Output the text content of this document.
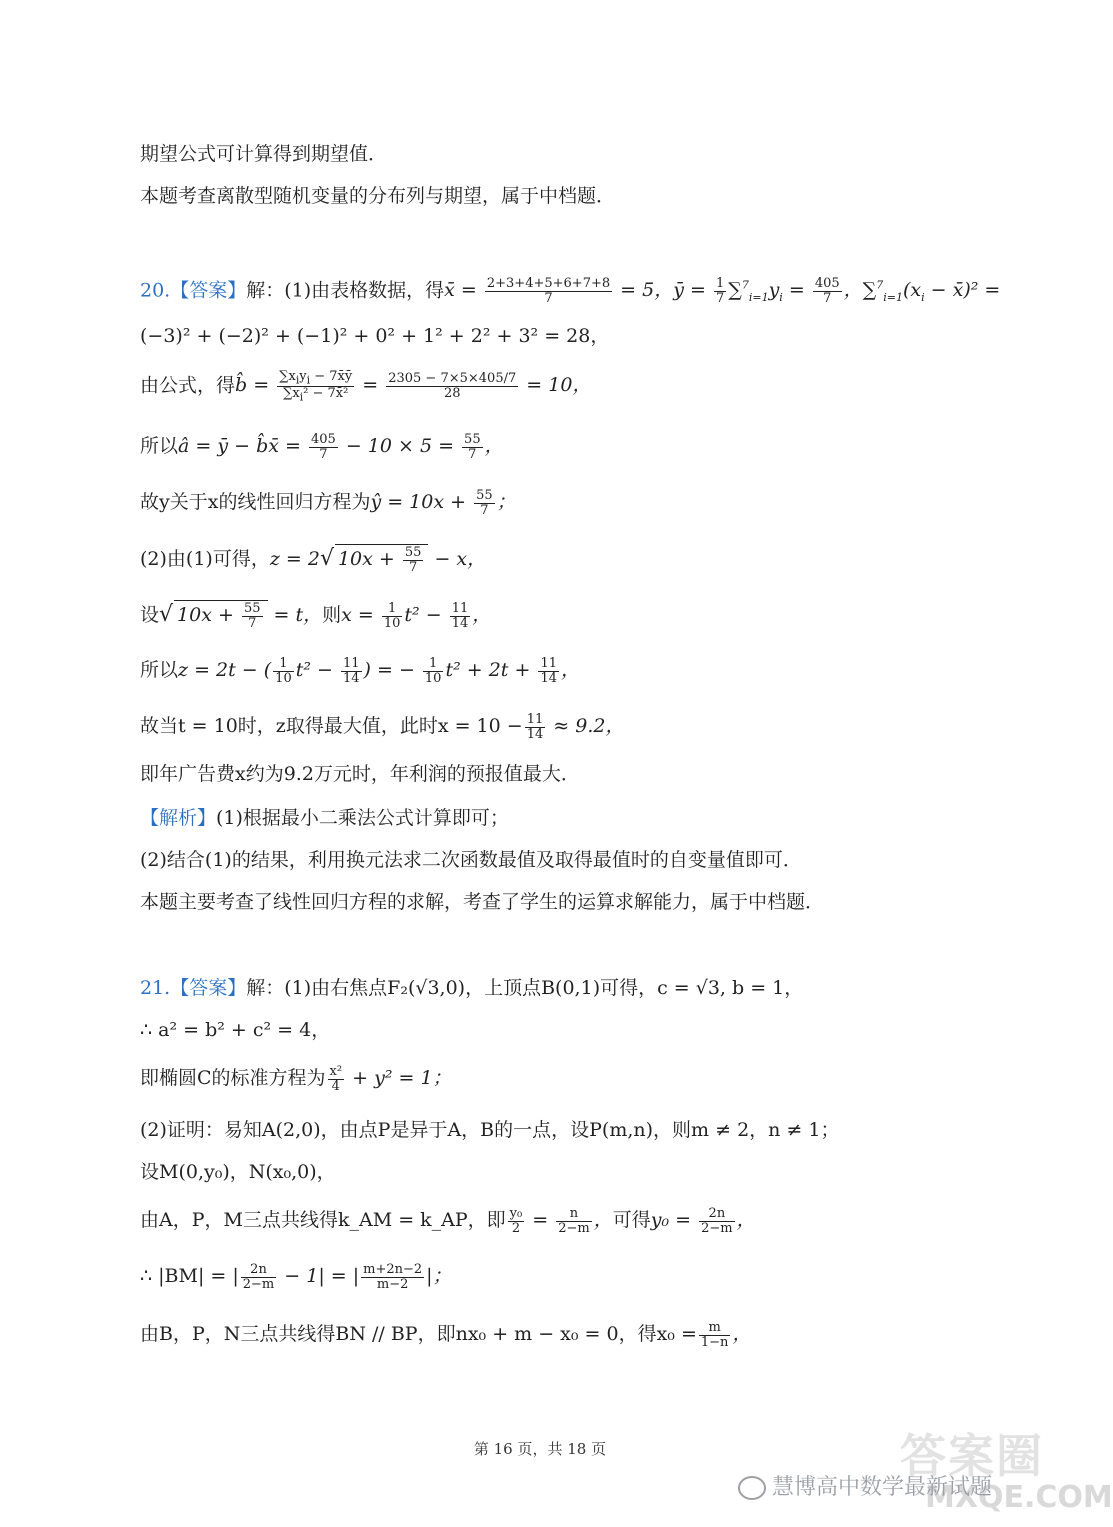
期望公式可计算得到期望值．
本题考查离散型随机变量的分布列与期望，属于中档题．
20.【答案】解：(1)由表格数据，得x̄ = $\frac{2+3+4+5+6+7+8}{7} = 5$，ȳ = $\frac{1}{7} \sum^7_{i=1}y_i = \frac{405}{7}$ ，$\sum^7_{i=1}(x_i$ − x̄)² =
(−3)² + (−2)² + (−1)² + 0² + 1² + 2² + 3² = 28，
由公式，得b̂ = $\frac{\sum x_iy_i - 7x̄ȳ}{\sum x_i^2 - 7x̄^2} = \frac{2305 - 7\times 5\times 405/7}{28} = 10$，
所以â = ȳ − b̂x̄ = $\frac{405}{7} - 10 \times 5 = \frac{55}{7}$ ，
故y关于x的线性回归方程为ŷ = $10x + \frac{55}{7}$ ；
(2)由(1)可得，z = 2√ $10x + \frac{55}{7} - x$，
设√ $10x + \frac{55}{7} = t$，则$x = \frac{1}{10} t^2 - \frac{11}{14}$ ，
所以z = 2t − ( $\frac{1}{10} t^2 - \frac{11}{14}$ ) = − $\frac{1}{10} t^2 + 2t + \frac{11}{14}$ ，
故当t = 10时，z取得最大值，此时$x = 10 - \frac{11}{14} \approx 9.2$，
即年广告费x约为9.2万元时，年利润的预报值最大．
【解析】(1)根据最小二乘法公式计算即可；
(2)结合(1)的结果，利用换元法求二次函数最值及取得最值时的自变量值即可．
本题主要考查了线性回归方程的求解，考查了学生的运算求解能力，属于中档题．
21.【答案】解：(1)由右焦点F₂(√3,0)，上顶点B(0,1)可得，c = √3, b = 1，
∴ a² = b² + c² = 4，
即椭圆C的标准方程为 $\frac{\text{x²}}{4} + y^2 = 1$；
(2)证明：易知A(2,0)，由点P是异于A，B的一点，设P(m,n)，则m ≠ 2，n ≠ 1；
设M(0,y₀)，N(x₀,0)，
由A，P，M三点共线得k_AM = k_AP，即 $\frac{\text{y₀}}{2} = \frac{n}{2-m}$ ，可得$y_0 = \frac{2n}{2-m}$ ，
∴ |BM| = | $\frac{2n}{2-m} - 1|$ = | $\frac{m+2n-2}{m-2}$ |；
由B，P，N三点共线得BN // BP，即nx₀ + m − x₀ = 0，得$x_0 = \frac{m}{1-n}$ ，
第 16 页，共 18 页	答案圈
MXQE.COM
慧博高中数学最新试题
